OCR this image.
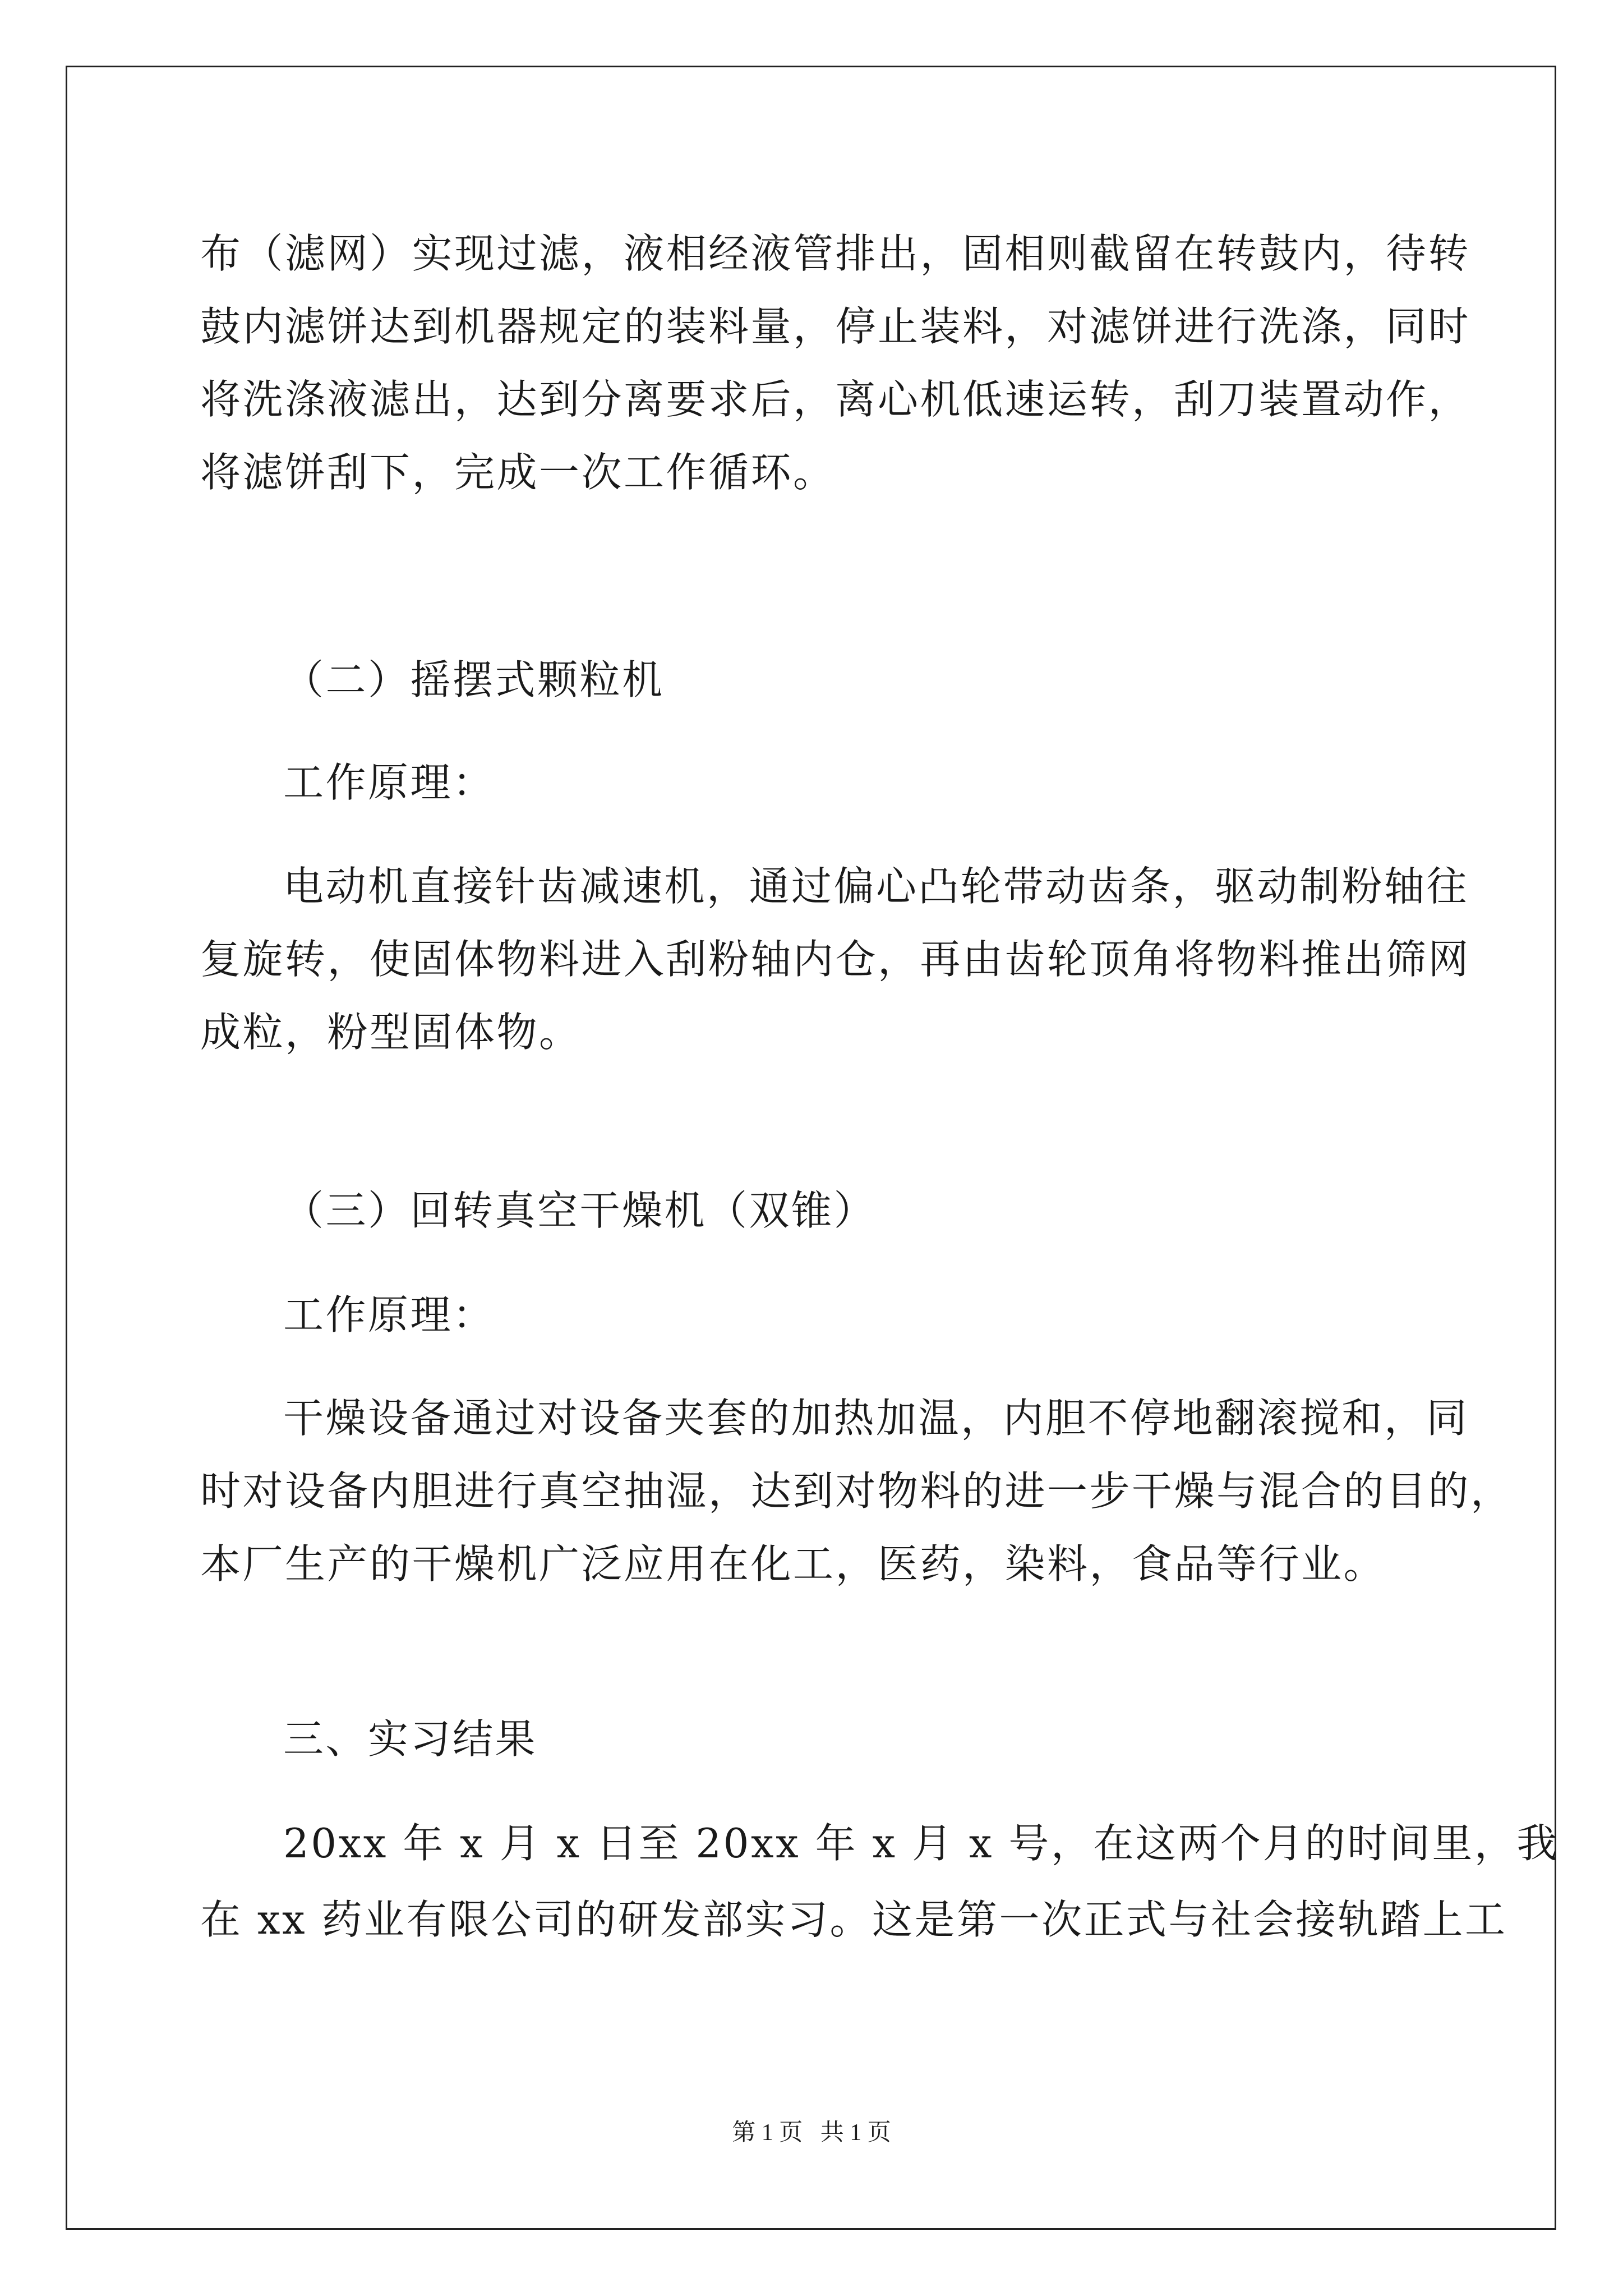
布（滤网）实现过滤，液相经液管排出，固相则截留在转鼓内，待转
鼓内滤饼达到机器规定的装料量，停止装料，对滤饼进行洗涤，同时
将洗涤液滤出，达到分离要求后，离心机低速运转，刮刀装置动作，
将滤饼刮下，完成一次工作循环。
（二）摇摆式颗粒机
工作原理：
电动机直接针齿减速机，通过偏心凸轮带动齿条，驱动制粉轴往
复旋转，使固体物料进入刮粉轴内仓，再由齿轮顶角将物料推出筛网
成粒，粉型固体物。
（三）回转真空干燥机（双锥）
工作原理：
干燥设备通过对设备夹套的加热加温，内胆不停地翻滚搅和，同
时对设备内胆进行真空抽湿，达到对物料的进一步干燥与混合的目的，
本厂生产的干燥机广泛应用在化工，医药，染料，食品等行业。
三、实习结果
20xx 年 x 月 x 日至 20xx 年 x 月 x 号，在这两个月的时间里，我
在 xx 药业有限公司的研发部实习。这是第一次正式与社会接轨踏上工
第 1 页   共 1 页
